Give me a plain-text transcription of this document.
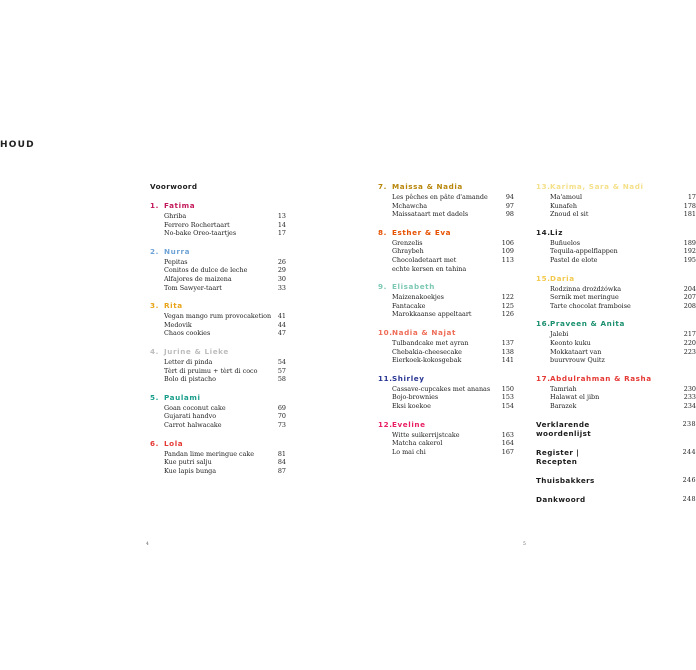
HOUD
Voorwoord
1. Fatima
Ghriba	13
Ferrero Rochertaart	14
No-bake Oreo-taartjes	17
2. Nurra
Pepitas	26
Conitos de dulce de leche	29
Alfajores de maizena	30
Tom Sawyer-taart	33
3. Rita
Vegan mango rum provocaketion	41
Medovik	44
Chaos cookies	47
4. Jurine & Lieke
Letter di pinda	54
Tèrt di pruimu + tèrt di coco	57
Bolo di pistacho	58
5. Paulami
Goan coconut cake	69
Gujarati handvo	70
Carrot halwacake	73
6. Lola
Pandan lime meringue cake	81
Kue putri salju	84
Kue lapis bunga	87
7. Maissa & Nadia
Les pêches en pâte d'amande	94
Mchawcha	97
Maissataart met dadels	98
8. Esther & Eva
Grenzelis	106
Ghraybeh	109
Chocoladetaart met	113
echte kersen en tahina
9. Elisabeth
Maizenakoekjes	122
Fantacake	125
Marokkaanse appeltaart	126
10. Nadia & Najat
Tulbandcake met ayran	137
Chebakia-cheesecake	138
Eierkoek-kokosgebak	141
11. Shirley
Cassave-cupcakes met ananas 150
Bojo-brownies	153
Eksi koekoe	154
12. Eveline
Witte suikerrijstcake	163
Matcha cakerol	164
Lo mai chi	167
13. Karima, Sara & Nadi
Ma'amoul	17
Kunafeh	178
Znoud el sit	181
14. Liz
Buñuelos	189
Tequila-appelflappen	192
Pastel de elote	195
15. Daria
Rodzinna drożdżówka	204
Sernik met meringue	207
Tarte chocolat framboise	208
16. Praveen & Anita
Jalebi	217
Keonto kuku	220
Mokkataart van	223
buurvrouw Quitz
17. Abdulrahman & Rasha
Tamriah	230
Halawat el jibn	233
Barazek	234
Verklarende woordenlijst
238
Register | Recepten
244
Thuisbakkers	246
Dankwoord	248
4	5
